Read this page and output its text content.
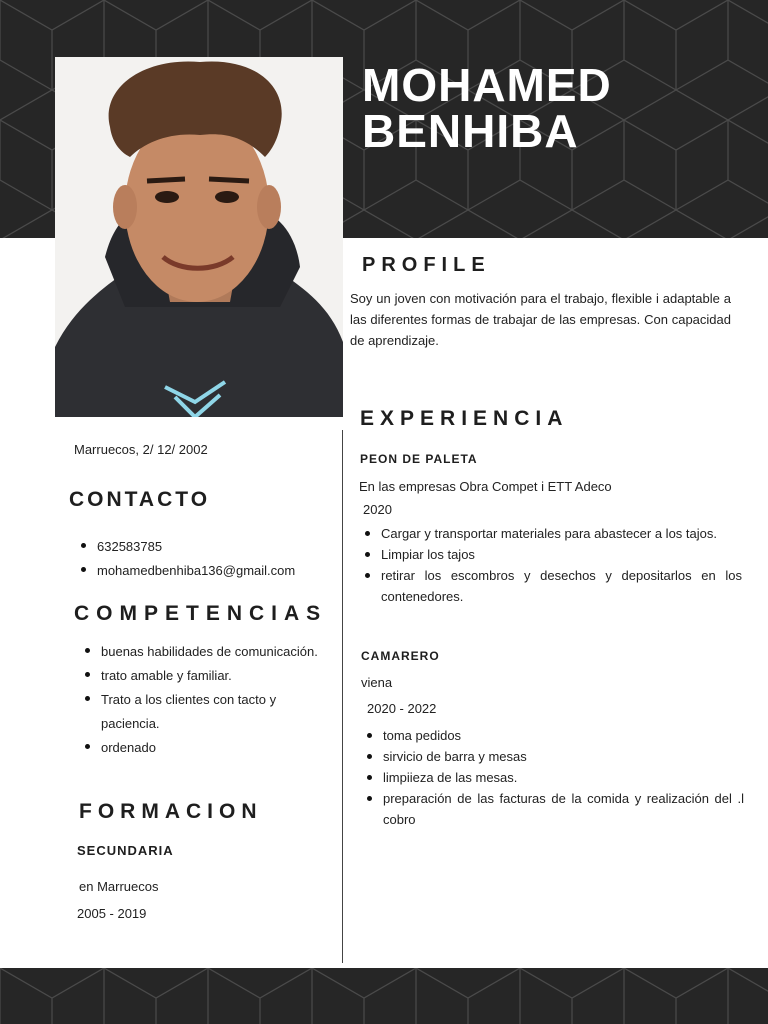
MOHAMED
BENHIBA
PROFILE
Soy un joven con motivación para el trabajo, flexible i adaptable a las diferentes formas de trabajar de las empresas. Con capacidad de aprendizaje.
Marruecos, 2/ 12/ 2002
CONTACTO
632583785
mohamedbenhiba136@gmail.com
COMPETENCIAS
buenas habilidades de comunicación.
trato amable y familiar.
Trato a los clientes con tacto y paciencia.
ordenado
FORMACION
SECUNDARIA
en Marruecos
2005 - 2019
EXPERIENCIA
PEON DE PALETA
En las empresas Obra Compet i ETT Adeco
2020
Cargar y transportar materiales para abastecer a los tajos.
Limpiar los tajos
retirar los escombros y desechos y depositarlos en los contenedores.
CAMARERO
viena
2020 - 2022
toma pedidos
sirvicio de barra y mesas
limpiieza de las mesas.
preparación de las facturas de la comida y realización del .l cobro
